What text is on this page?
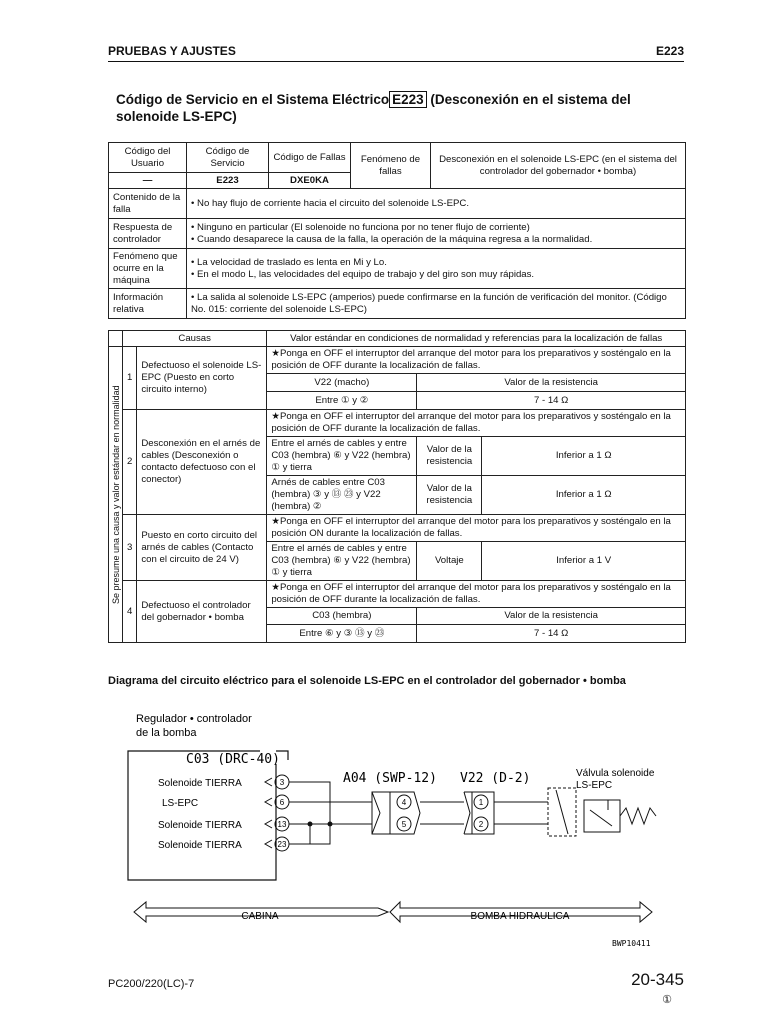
PRUEBAS Y AJUSTES	E223
Código de Servicio en el Sistema Eléctrico E223 (Desconexión en el sistema del solenoide LS-EPC)
Código del Usuario	Código de Servicio	Código de Fallas	Fenómeno de fallas	Desconexión en el solenoide LS-EPC (en el sistema del controlador del gobernador • bomba)
—	E223	DXE0KA		
Contenido de la falla	• No hay flujo de corriente hacia el circuito del solenoide LS-EPC.			
Respuesta de controlador	• Ninguno en particular (El solenoide no funciona por no tener flujo de corriente)
• Cuando desaparece la causa de la falla, la operación de la máquina regresa a la normalidad.			
Fenómeno que ocurre en la máquina	• La velocidad de traslado es lenta en Mi y Lo.
• En el modo L, las velocidades del equipo de trabajo y del giro son muy rápidas.			
Información relativa	• La salida al solenoide LS-EPC (amperios) puede confirmarse en la función de verificación del monitor. (Código No. 015: corriente del solenoide LS-EPC)			
	Causas		Valor estándar en condiciones de normalidad y referencias para la localización de fallas		
Se presume una causa y valor estándar en normalidad	1	Defectuoso el solenoide LS-EPC (Puesto en corto circuito interno)	★Ponga en OFF el interruptor del arranque del motor para los preparativos y sosténgalo en la posición de OFF durante la localización de fallas.		
			V22 (macho)	Valor de la resistencia	
			Entre ① y ②	7 - 14 Ω	
	2	Desconexión en el arnés de cables (Desconexión o contacto defectuoso con el conector)	★Ponga en OFF el interruptor del arranque del motor para los preparativos y sosténgalo en la posición de OFF durante la localización de fallas.		
			Entre el arnés de cables y entre C03 (hembra) ⑥ y V22 (hembra) ① y tierra	Valor de la resistencia	Inferior a 1 Ω
			Arnés de cables entre C03 (hembra) ③ y ⑬ ㉓ y V22 (hembra) ②	Valor de la resistencia	Inferior a 1 Ω
	3	Puesto en corto circuito del arnés de cables (Contacto con el circuito de 24 V)	★Ponga en OFF el interruptor del arranque del motor para los preparativos y sosténgalo en la posición ON durante la localización de fallas.		
			Entre el arnés de cables y entre C03 (hembra) ⑥ y V22 (hembra) ① y tierra	Voltaje	Inferior a 1 V
	4	Defectuoso el controlador del gobernador • bomba	★Ponga en OFF el interruptor del arranque del motor para los preparativos y sosténgalo en la posición de OFF durante la localización de fallas.		
			C03 (hembra)	Valor de la resistencia	
			Entre ⑥ y ③ ⑬ y ㉓	7 - 14 Ω	
Diagrama del circuito eléctrico para el solenoide LS-EPC en el controlador del gobernador • bomba
Regulador • controlador
de la bomba
C03 (DRC-40)
Solenoide TIERRA
LS-EPC
Solenoide TIERRA
Solenoide TIERRA
3
6
13
23
A04 (SWP-12)
4
5
V22 (D-2)
1
2
Válvula solenoide
LS-EPC
CABINA	BOMBA HIDRAULICA
BWP10411
PC200/220(LC)-7	20-345
①
